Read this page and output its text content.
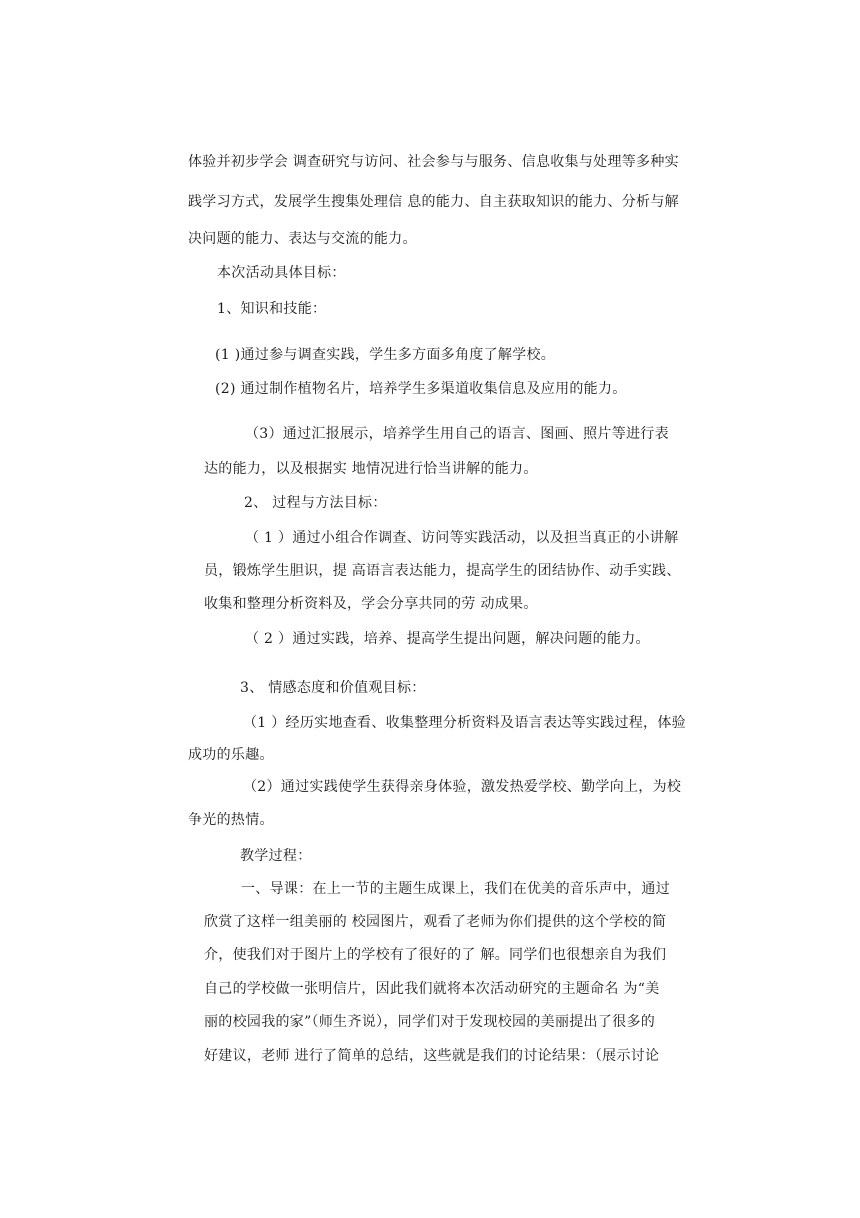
体验并初步学会 调查研究与访问、社会参与与服务、信息收集与处理等多种实
践学习方式，发展学生搜集处理信 息的能力、自主获取知识的能力、分析与解
决问题的能力、表达与交流的能力。
本次活动具体目标：
1、知识和技能：
(1 )通过参与调查实践，学生多方面多角度了解学校。
(2) 通过制作植物名片，培养学生多渠道收集信息及应用的能力。
（3）通过汇报展示，培养学生用自己的语言、图画、照片等进行表
达的能力，以及根据实 地情况进行恰当讲解的能力。
2、 过程与方法目标：
（ 1 ）通过小组合作调查、访问等实践活动，以及担当真正的小讲解
员，锻炼学生胆识，提 高语言表达能力，提高学生的团结协作、动手实践、
收集和整理分析资料及，学会分享共同的劳 动成果。
（ 2 ）通过实践，培养、提高学生提出问题，解决问题的能力。
3、 情感态度和价值观目标：
（1 ）经历实地查看、收集整理分析资料及语言表达等实践过程，体验
成功的乐趣。
（2）通过实践使学生获得亲身体验，激发热爱学校、勤学向上，为校
争光的热情。
教学过程：
一、导课：在上一节的主题生成课上，我们在优美的音乐声中，通过
欣赏了这样一组美丽的 校园图片，观看了老师为你们提供的这个学校的简
介，使我们对于图片上的学校有了很好的了 解。同学们也很想亲自为我们
自己的学校做一张明信片，因此我们就将本次活动研究的主题命名 为“美
丽的校园我的家”（师生齐说），同学们对于发现校园的美丽提出了很多的
好建议，老师 进行了简单的总结，这些就是我们的讨论结果：（展示讨论
